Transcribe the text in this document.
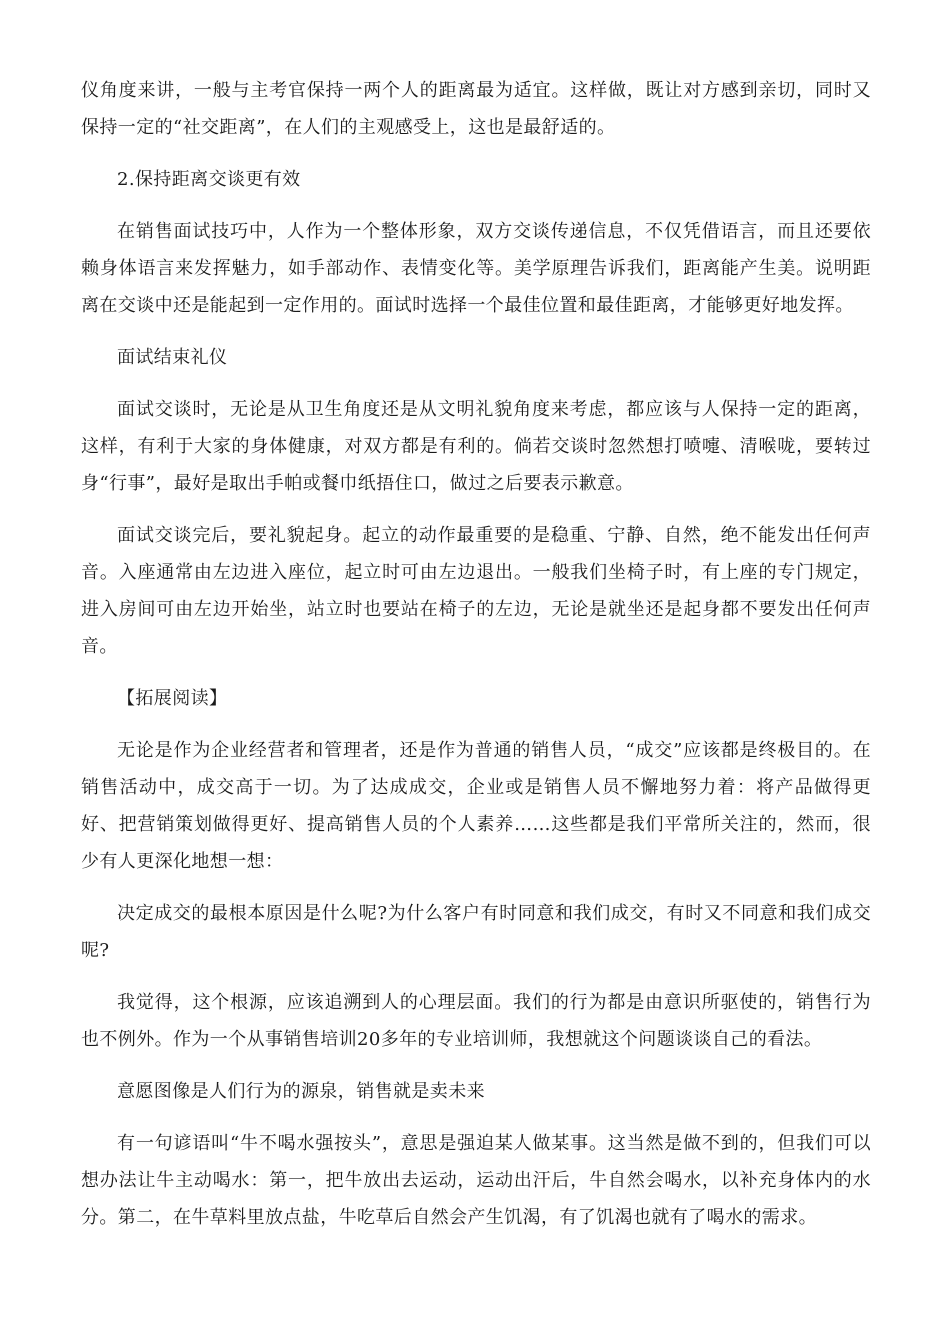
仪角度来讲，一般与主考官保持一两个人的距离最为适宜。这样做，既让对方感到亲切，同时又保持一定的“社交距离”，在人们的主观感受上，这也是最舒适的。

2.保持距离交谈更有效

在销售面试技巧中，人作为一个整体形象，双方交谈传递信息，不仅凭借语言，而且还要依赖身体语言来发挥魅力，如手部动作、表情变化等。美学原理告诉我们，距离能产生美。说明距离在交谈中还是能起到一定作用的。面试时选择一个最佳位置和最佳距离，才能够更好地发挥。

面试结束礼仪

面试交谈时，无论是从卫生角度还是从文明礼貌角度来考虑，都应该与人保持一定的距离，这样，有利于大家的身体健康，对双方都是有利的。倘若交谈时忽然想打喷嚏、清喉咙，要转过身“行事”，最好是取出手帕或餐巾纸捂住口，做过之后要表示歉意。

面试交谈完后，要礼貌起身。起立的动作最重要的是稳重、宁静、自然，绝不能发出任何声音。入座通常由左边进入座位，起立时可由左边退出。一般我们坐椅子时，有上座的专门规定，进入房间可由左边开始坐，站立时也要站在椅子的左边，无论是就坐还是起身都不要发出任何声音。

【拓展阅读】

无论是作为企业经营者和管理者，还是作为普通的销售人员，“成交”应该都是终极目的。在销售活动中，成交高于一切。为了达成成交，企业或是销售人员不懈地努力着：将产品做得更好、把营销策划做得更好、提高销售人员的个人素养……这些都是我们平常所关注的，然而，很少有人更深化地想一想：

决定成交的最根本原因是什么呢?为什么客户有时同意和我们成交，有时又不同意和我们成交呢?

我觉得，这个根源，应该追溯到人的心理层面。我们的行为都是由意识所驱使的，销售行为也不例外。作为一个从事销售培训20多年的专业培训师，我想就这个问题谈谈自己的看法。

意愿图像是人们行为的源泉，销售就是卖未来

有一句谚语叫“牛不喝水强按头”，意思是强迫某人做某事。这当然是做不到的，但我们可以想办法让牛主动喝水：第一，把牛放出去运动，运动出汗后，牛自然会喝水，以补充身体内的水分。第二，在牛草料里放点盐，牛吃草后自然会产生饥渴，有了饥渴也就有了喝水的需求。
